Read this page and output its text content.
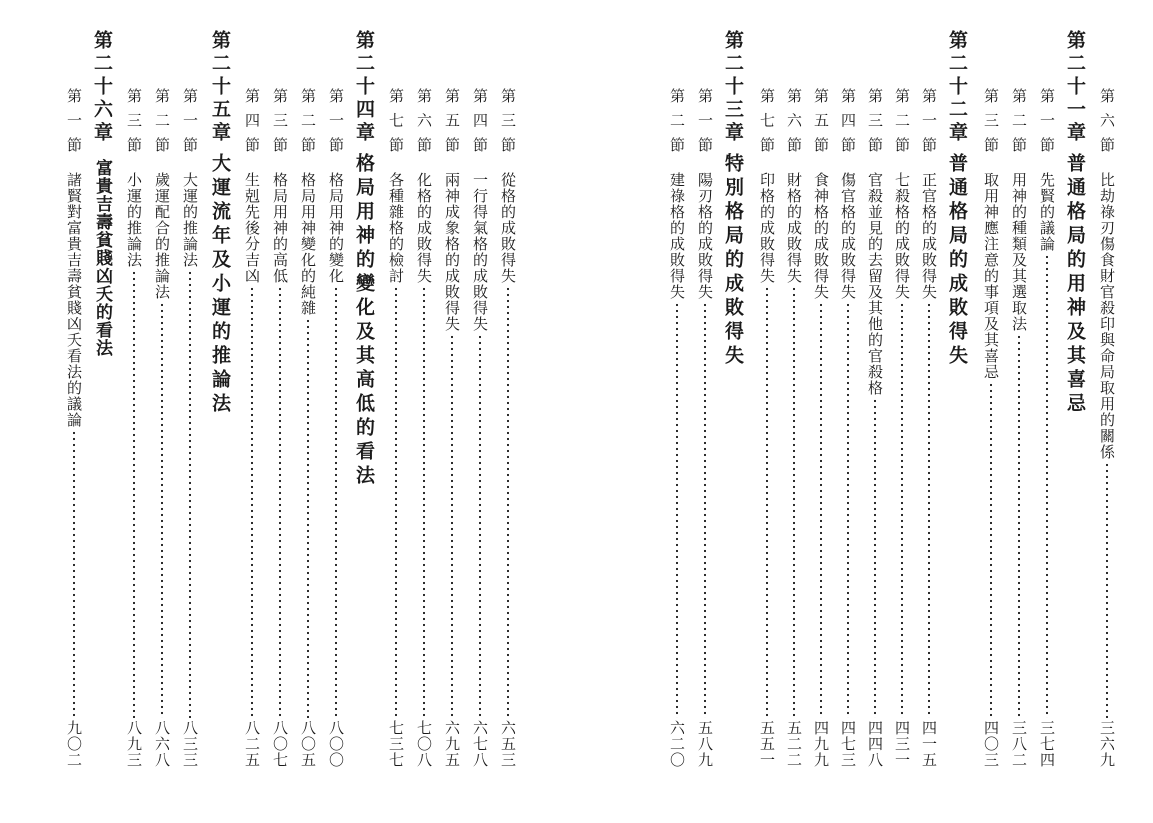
第三節
從格的成敗得失
六五三
第四節
一行得氣格的成敗得失
六七八
第五節
兩神成象格的成敗得失
六九五
第六節
化格的成敗得失
七〇八
第七節
各種雜格的檢討
七三七
第二十四章
格局用神的變化及其高低的看法
第一節
格局用神的變化
八〇〇
第二節
格局用神變化的純雜
八〇五
第三節
格局用神的高低
八〇七
第四節
生剋先後分吉凶
八二五
第二十五章
大運流年及小運的推論法
第一節
大運的推論法
八三三
第二節
歲運配合的推論法
八六八
第三節
小運的推論法
八九三
第二十六章
富貴吉壽貧賤凶夭的看法
第一節
諸賢對富貴吉壽貧賤凶夭看法的議論
九〇二
第六節
比劫祿刃傷食財官殺印與命局取用的關係
三六九
第二十一章
普通格局的用神及其喜忌
第一節
先賢的議論
三七四
第二節
用神的種類及其選取法
三八二
第三節
取用神應注意的事項及其喜忌
四〇三
第二十二章
普通格局的成敗得失
第一節
正官格的成敗得失
四一五
第二節
七殺格的成敗得失
四三一
第三節
官殺並見的去留及其他的官殺格
四四八
第四節
傷官格的成敗得失
四七三
第五節
食神格的成敗得失
四九九
第六節
財格的成敗得失
五二二
第七節
印格的成敗得失
五五一
第二十三章
特別格局的成敗得失
第一節
陽刃格的成敗得失
五八九
第二節
建祿格的成敗得失
六二〇
